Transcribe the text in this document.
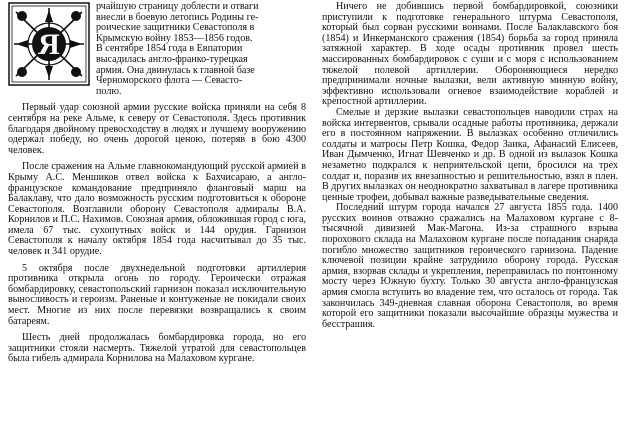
Я

рчайшую страницу доблести и отваги

внесли в боевую летопись Родины ге-

роические защитники Севастополя в

Крымскую войну 1853—1856 годов.

В сентябре 1854 года в Евпатории

высадилась англо-франко-турецкая

армия. Она двинулась к главной базе

Черноморского флота — Севасто-

полю.

Первый удар союзной армии русские войска приняли на себя 8 сентября на реке Альме, к северу от Севастополя. Здесь противник благодаря двойному превосходству в людях и лучшему вооружению одержал победу, но очень дорогой ценою, потеряв в бою 4300 человек.

После сражения на Альме главнокомандующий русской армией в Крыму А.С. Меншиков отвел войска к Бахчисараю, а англо-французское командование предприняло фланговый марш на Балаклаву, что дало возможность русским подготовиться к обороне Севастополя. Возглавили оборону Севастополя адмиралы В.А. Корнилов и П.С. Нахимов. Союзная армия, обложившая город с юга, имела 67 тыс. сухопутных войск и 144 орудия. Гарнизон Севастополя к началу октября 1854 года насчитывал до 35 тыс. человек и 341 орудие.

5 октября после двухнедельной подготовки артиллерия противника открыла огонь по городу. Героически отражая бомбардировку, севастопольский гарнизон показал исключительную выносливость и героизм. Раненые и контуженые не покидали своих мест. Многие из них после перевязки возвращались к своим батареям.

Шесть дней продолжалась бомбардировка города, но его защитники стояли насмерть. Тяжелой утратой для севастопольцев была гибель адмирала Корнилова на Малаховом кургане.

Ничего не добившись первой бомбардировкой, союзники приступили к подготовке генерального штурма Севастополя, который был сорван русскими воинами. После Балаклавского боя (1854) и Инкерманского сражения (1854) борьба за город приняла затяжной характер. В ходе осады противник провел шесть массированных бомбардировок с суши и с моря с использованием тяжелой полевой артиллерии. Обороняющиеся нередко предпринимали ночные вылазки, вели активную минную войну, эффективно использовали огневое взаимодействие кораблей и крепостной артиллерии.

Смелые и дерзкие вылазки севастопольцев наводили страх на войска интервентов, срывали осадные работы противника, держали его в постоянном напряжении. В вылазках особенно отличились солдаты и матросы Петр Кошка, Федор Заика, Афанасий Елисеев, Иван Дымченко, Игнат Шевченко и др. В одной из вылазок Кошка незаметно подкрался к неприятельской цепи, бросился на трех солдат и, поразив их внезапностью и решительностью, взял в плен. В других вылазках он неоднократно захватывал в лагере противника ценные трофеи, добывал важные разведывательные сведения.

Последний штурм города начался 27 августа 1855 года. 1400 русских воинов отважно сражались на Малаховом кургане с 8-тысячной дивизией Мак-Магона. Из-за страшного взрыва порохового склада на Малаховом кургане после попадания снаряда погибло множество защитников героического гарнизона. Падение ключевой позиции крайне затруднило оборону города. Русская армия, взорвав склады и укрепления, переправилась по понтонному мосту через Южную бухту. Только 30 августа англо-французская армия смогла вступить во владение тем, что осталось от города. Так закончилась 349-дневная славная оборона Севастополя, во время которой его защитники показали высочайшие образцы мужества и бесстрашия.
